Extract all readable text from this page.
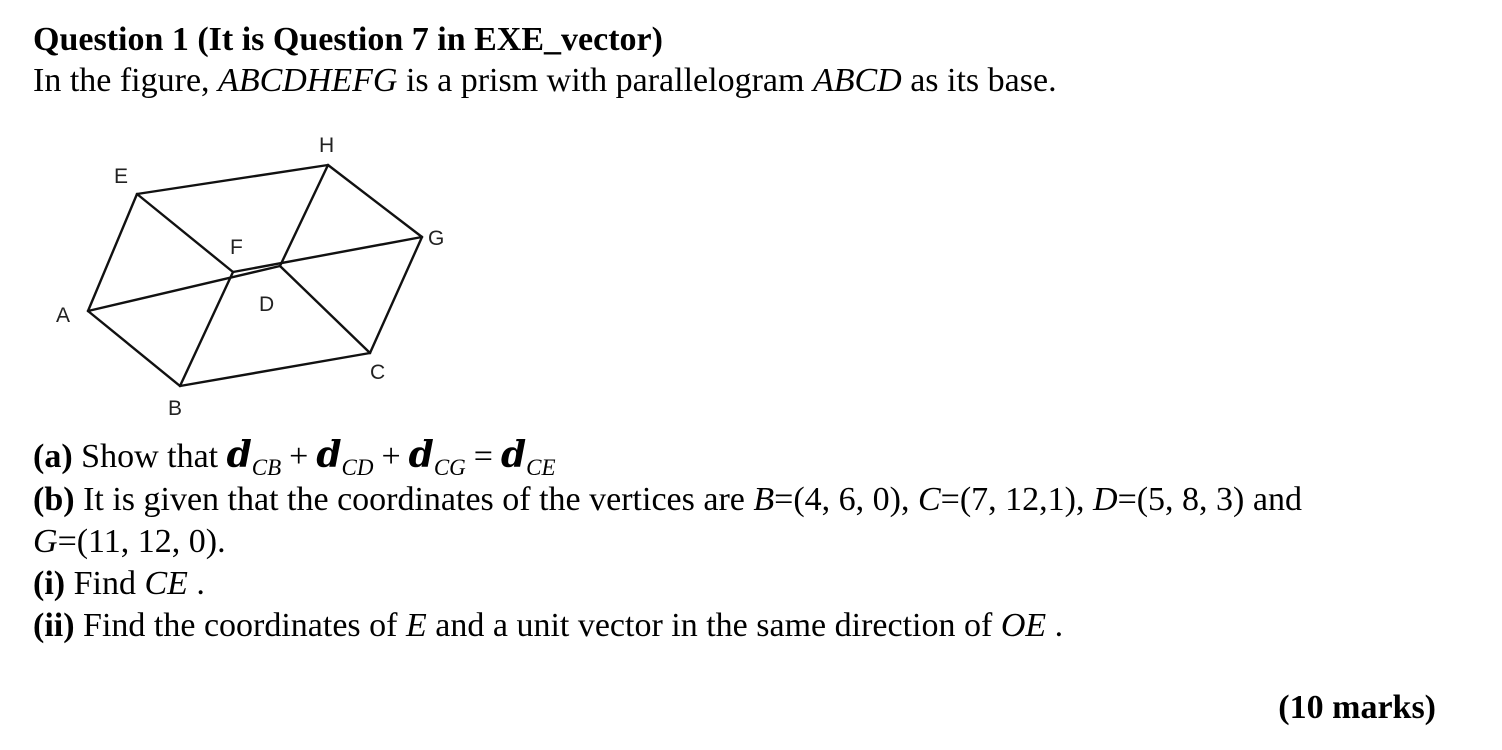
Question 1 (It is Question 7 in EXE_vector)
In the figure, ABCDHEFG is a prism with parallelogram ABCD as its base.
E
H
F	G
A	D
C
B
(a) Show that $d_{CB} + d_{CD} + d_{CG} = d_{CE}$
(b) It is given that the coordinates of the vertices are B=(4, 6, 0), C=(7, 12,1), D=(5, 8, 3) and
G=(11, 12, 0).
(i) Find CE .
(ii) Find the coordinates of E and a unit vector in the same direction of OE .
(10 marks)
